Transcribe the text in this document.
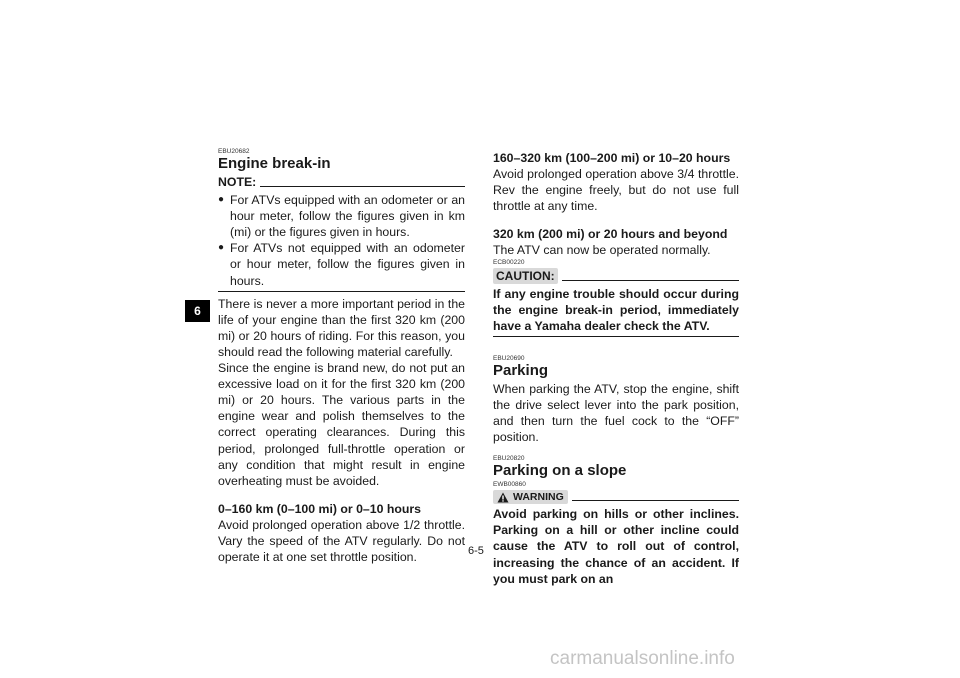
6
EBU20682
Engine break-in
NOTE:
● For ATVs equipped with an odometer or an hour meter, follow the figures given in km (mi) or the figures given in hours.
● For ATVs not equipped with an odometer or hour meter, follow the figures given in hours.

There is never a more important period in the life of your engine than the first 320 km (200 mi) or 20 hours of riding. For this reason, you should read the following material carefully.

Since the engine is brand new, do not put an excessive load on it for the first 320 km (200 mi) or 20 hours. The various parts in the engine wear and polish themselves to the correct operating clearances. During this period, prolonged full-throttle operation or any condition that might result in engine overheating must be avoided.

0–160 km (0–100 mi) or 0–10 hours

Avoid prolonged operation above 1/2 throttle. Vary the speed of the ATV regularly. Do not operate it at one set throttle position.

160–320 km (100–200 mi) or 10–20 hours

Avoid prolonged operation above 3/4 throttle. Rev the engine freely, but do not use full throttle at any time.

320 km (200 mi) or 20 hours and beyond

The ATV can now be operated normally.

ECB00220
CAUTION:

If any engine trouble should occur during the engine break-in period, immediately have a Yamaha dealer check the ATV.

EBU20690
Parking

When parking the ATV, stop the engine, shift the drive select lever into the park position, and then turn the fuel cock to the “OFF” position.

EBU20820
Parking on a slope
EWB00860
WARNING

Avoid parking on hills or other inclines. Parking on a hill or other incline could cause the ATV to roll out of control, increasing the chance of an accident. If you must park on an

6-5
carmanualsonline.info
